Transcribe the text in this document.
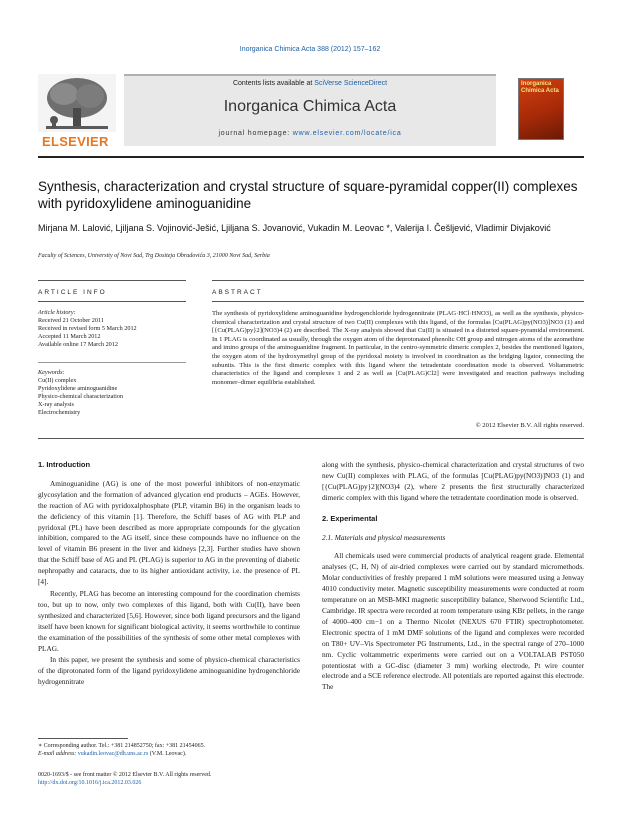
Inorganica Chimica Acta 388 (2012) 157–162
ELSEVIER
Contents lists available at SciVerse ScienceDirect
Inorganica Chimica Acta
journal homepage: www.elsevier.com/locate/ica
Inorganica Chimica Acta
Synthesis, characterization and crystal structure of square-pyramidal copper(II) complexes with pyridoxylidene aminoguanidine
Mirjana M. Lalović, Ljiljana S. Vojinović-Ješić, Ljiljana S. Jovanović, Vukadin M. Leovac *, Valerija I. Češljević, Vladimir Divjaković
Faculty of Sciences, University of Novi Sad, Trg Dositeja Obradovića 3, 21000 Novi Sad, Serbia
ARTICLE INFO	ABSTRACT
Article history:
Received 21 October 2011
Received in revised form 5 March 2012
Accepted 11 March 2012
Available online 17 March 2012
Keywords:
Cu(II) complex
Pyridoxylidene aminoguanidine
Physico-chemical characterization
X-ray analysis
Electrochemistry
The synthesis of pyridoxylidene aminoguanidine hydrogenchloride hydrogennitrate (PLAG·HCl·HNO3), as well as the synthesis, physico-chemical characterization and crystal structure of two Cu(II) complexes with this ligand, of the formulas [Cu(PLAG)py(NO3)]NO3 (1) and [{Cu(PLAG)py}2](NO3)4 (2) are described. The X-ray analysis showed that Cu(II) is situated in a distorted square-pyramidal environment. In 1 PLAG is coordinated as usually, through the oxygen atom of the deprotonated phenolic OH group and nitrogen atoms of the azomethine and imino groups of the aminoguanidine fragment. In particular, in the centro-symmetric dimeric complex 2, besides the mentioned ligators, the oxygen atom of the hydroxymethyl group of the pyridoxal moiety is involved in coordination as the bridging ligator, connecting the subunits. This is the first dimeric complex with this ligand where the tetradentate coordination mode is observed. Voltammetric characteristics of the ligand and complexes 1 and 2 as well as [Cu(PLAG)Cl2] were investigated and reaction pathways including monomer–dimer equilibria established.
© 2012 Elsevier B.V. All rights reserved.
1. Introduction

Aminoguanidine (AG) is one of the most powerful inhibitors of non-enzymatic glycosylation and the formation of advanced glycation end products – AGEs. However, the reaction of AG with pyridoxalphosphate (PLP, vitamin B6) in the organism leads to the deficiency of this vitamin [1]. Therefore, the Schiff bases of AG with PLP and pyridoxal (PL) have been described as more appropriate compounds for the glycation inhibition, compared to the AG itself, since these compounds have no influence on the level of vitamin B6 present in the liver and kidneys [2,3]. Further studies have shown that the Schiff base of AG and PL (PLAG) is superior to AG in the preventing of diabetic nephropathy and cataracts, due to its higher antioxidant activity, i.e. the presence of PL [4].

Recently, PLAG has become an interesting compound for the coordination chemists too, but up to now, only two complexes of this ligand, both with Cu(II), have been synthesized and characterized [5,6]. However, since both ligand precursors and the ligand itself have been known for significant biological activity, it seems worthwhile to continue the examination of the possibilities of the synthesis of some other metal complexes with PLAG.

In this paper, we present the synthesis and some of physico-chemical characteristics of the diprotonated form of the ligand pyridoxylidene aminoguanidine hydrogenchloride hydrogennitrate

along with the synthesis, physico-chemical characterization and crystal structures of two new Cu(II) complexes with PLAG, of the formulas [Cu(PLAG)py(NO3)]NO3 (1) and [{Cu(PLAG)py}2](NO3)4 (2), where 2 presents the first structurally characterized dimeric complex with this ligand where the tetradentate coordination mode is observed.

2. Experimental
2.1. Materials and physical measurements

All chemicals used were commercial products of analytical reagent grade. Elemental analyses (C, H, N) of air-dried complexes were carried out by standard micromethods. Molar conductivities of freshly prepared 1 mM solutions were measured using a Jenway 4010 conductivity meter. Magnetic susceptibility measurements were conducted at room temperature on an MSB-MKI magnetic susceptibility balance, Sherwood Scientific Ltd., Cambridge. IR spectra were recorded at room temperature using KBr pellets, in the range of 4000–400 cm−1 on a Thermo Nicolet (NEXUS 670 FTIR) spectrophotometer. Electronic spectra of 1 mM DMF solutions of the ligand and complexes were recorded on T80+ UV–Vis Spectrometer PG Instruments, Ltd., in the spectral range of 270–1000 nm. Cyclic voltammetric experiments were carried out on a VOLTALAB PST050 potentiostat with a GC-disc (diameter 3 mm) working electrode, Pt wire counter electrode and a SCE reference electrode. All potentials are reported against this electrode. The

∗ Corresponding author. Tel.: +381 214852750; fax: +381 21454065.
E-mail address: vukadin.leovac@dh.uns.ac.rs (V.M. Leovac).
0020-1693/$ - see front matter © 2012 Elsevier B.V. All rights reserved.
http://dx.doi.org/10.1016/j.ica.2012.03.026
